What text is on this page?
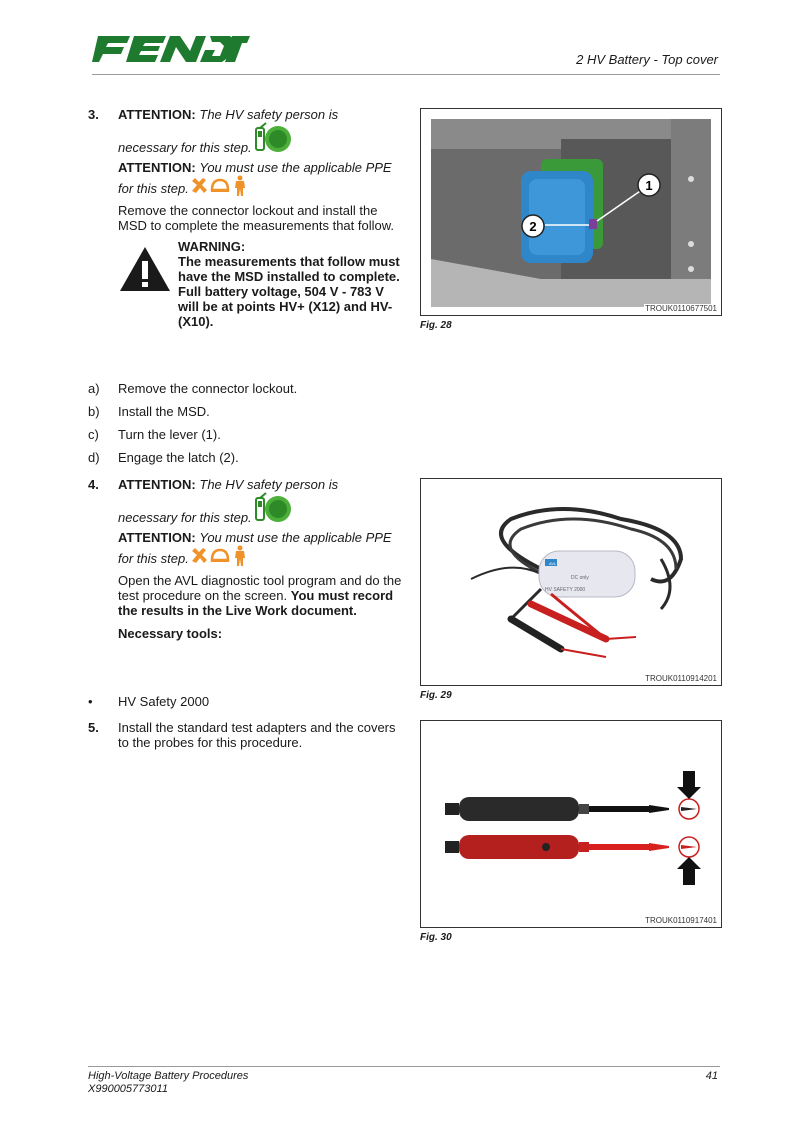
2 HV Battery - Top cover
3. ATTENTION: The HV safety person is
necessary for this step.
ATTENTION: You must use the applicable PPE
for this step.
Remove the connector lockout and install the MSD to complete the measurements that follow.
WARNING:
The measurements that follow must have the MSD installed to complete. Full battery voltage, 504 V - 783 V will be at points HV+ (X12) and HV- (X10).
a)	Remove the connector lockout.
b)	Install the MSD.
c)	Turn the lever (1).
d)	Engage the latch (2).
4. ATTENTION: The HV safety person is
necessary for this step.
ATTENTION: You must use the applicable PPE
for this step.
Open the AVL diagnostic tool program and do the test procedure on the screen. You must record the results in the Live Work document.
Necessary tools:
•	HV Safety 2000
5. Install the standard test adapters and the covers to the probes for this procedure.
1
2
TROUK0110677501
Fig. 28
AVL
DC only
HV SAFETY 2000
TROUK0110914201
Fig. 29
TROUK0110917401
Fig. 30
High-Voltage Battery Procedures
X990005773011
41
